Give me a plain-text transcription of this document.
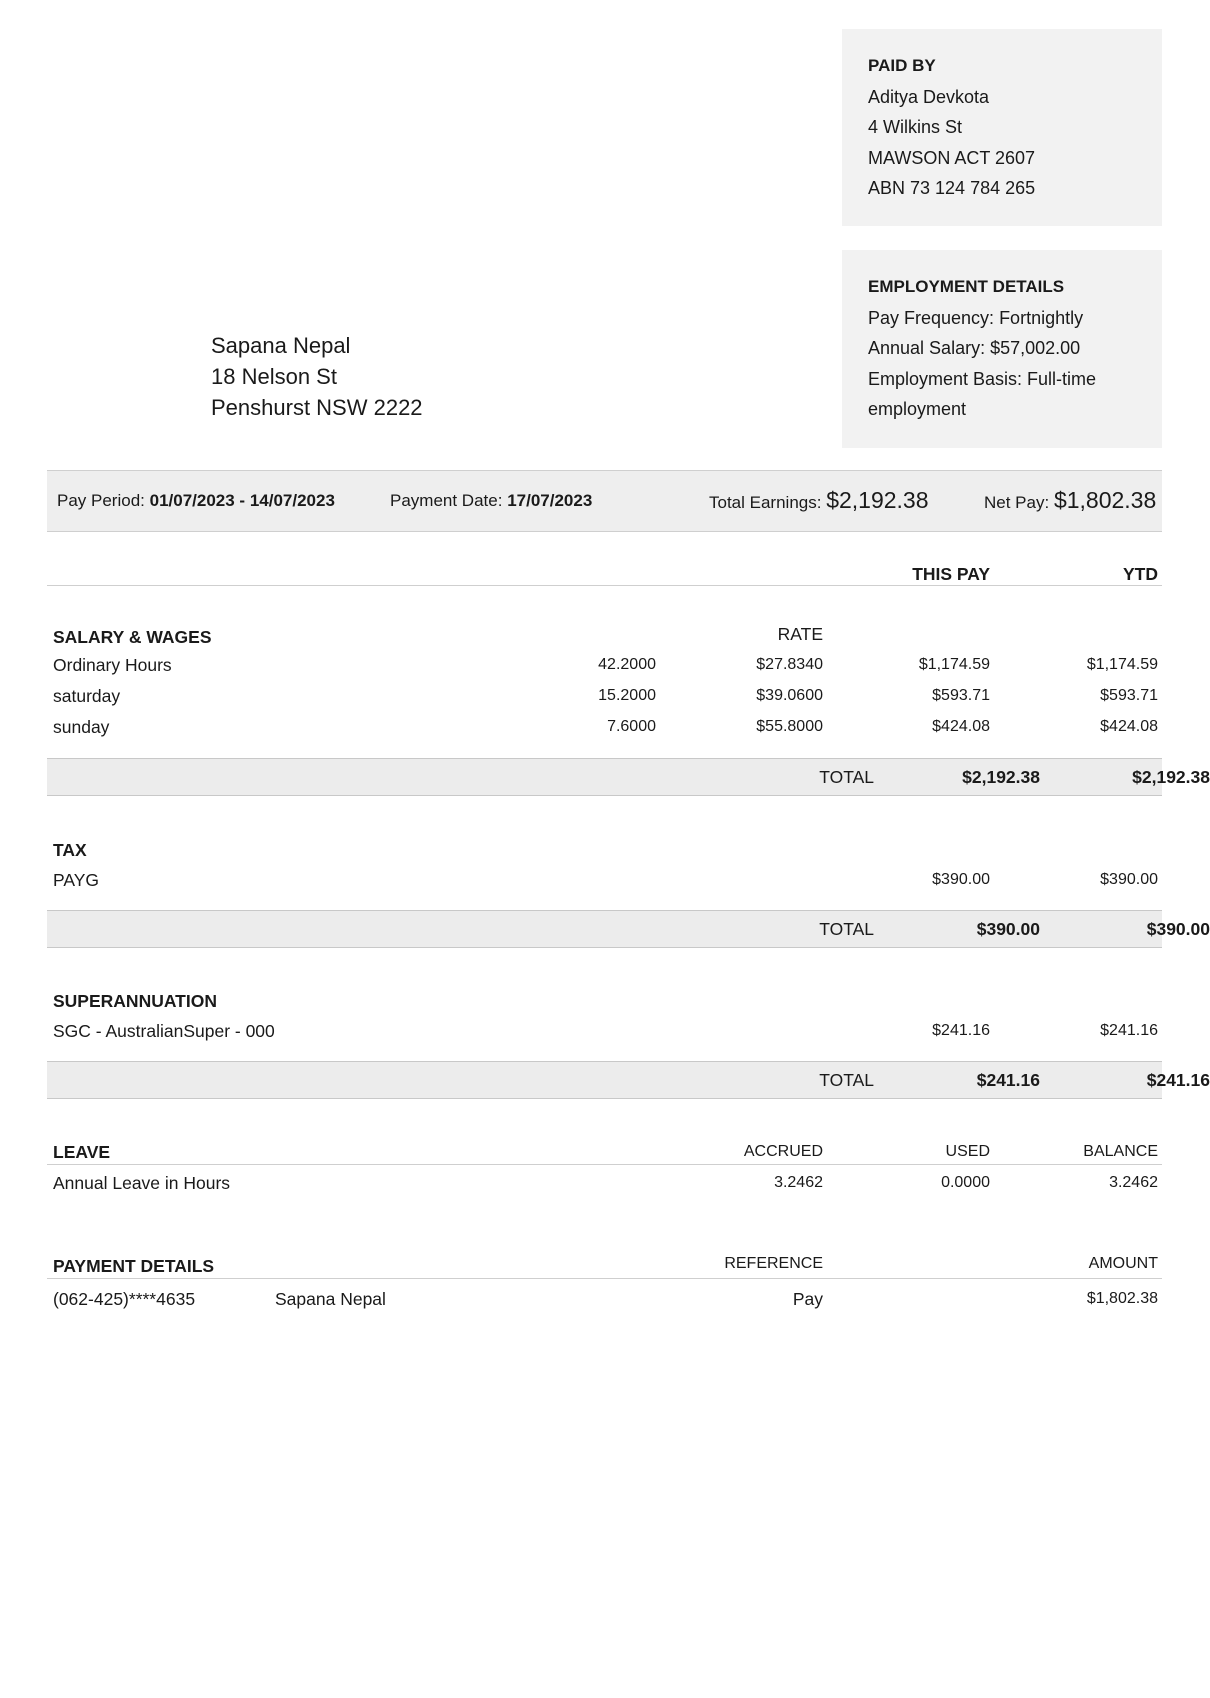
PAID BY
Aditya Devkota
4 Wilkins St
MAWSON ACT 2607
ABN 73 124 784 265
EMPLOYMENT DETAILS
Pay Frequency: Fortnightly
Annual Salary: $57,002.00
Employment Basis: Full-time
employment
Sapana Nepal
18 Nelson St
Penshurst NSW 2222
Pay Period: 01/07/2023 - 14/07/2023	Payment Date: 17/07/2023	Total Earnings: $2,192.38	Net Pay: $1,802.38
THIS PAY	YTD
SALARY & WAGES	RATE
Ordinary Hours	42.2000	$27.8340	$1,174.59	$1,174.59
saturday	15.2000	$39.0600	$593.71	$593.71
sunday	7.6000	$55.8000	$424.08	$424.08
TOTAL	$2,192.38	$2,192.38
TAX
PAYG	$390.00	$390.00
TOTAL	$390.00	$390.00
SUPERANNUATION
SGC - AustralianSuper - 000	$241.16	$241.16
TOTAL	$241.16	$241.16
LEAVE	ACCRUED	USED	BALANCE
Annual Leave in Hours	3.2462	0.0000	3.2462
PAYMENT DETAILS	REFERENCE	AMOUNT
(062-425)****4635	Sapana Nepal	Pay	$1,802.38
